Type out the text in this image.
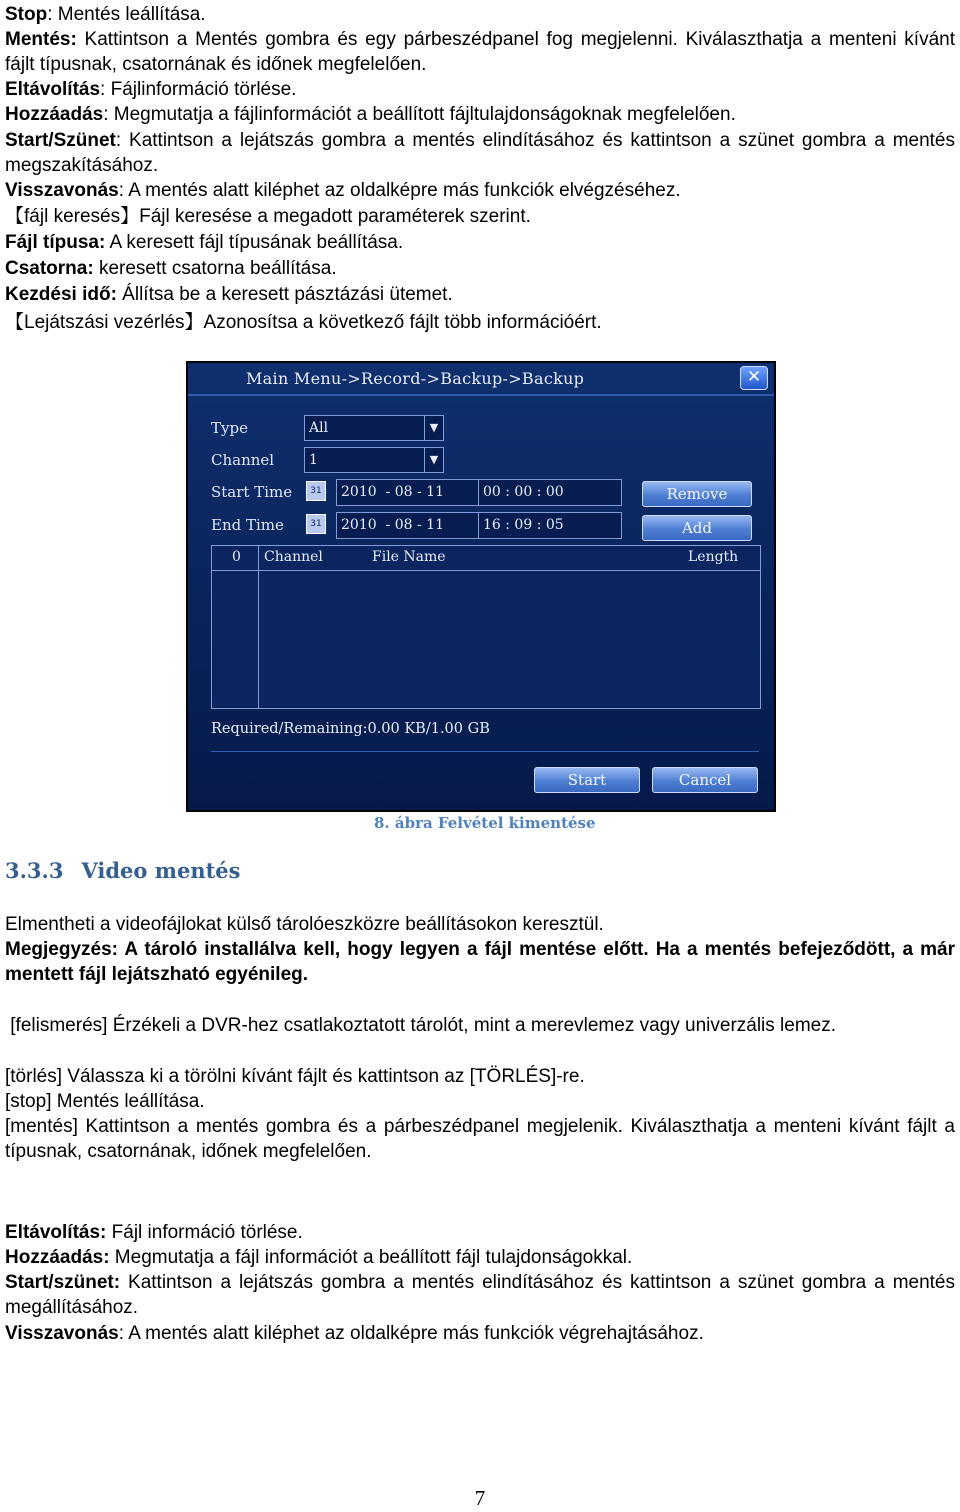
Stop: Mentés leállítása.

Mentés: Kattintson a Mentés gombra és egy párbeszédpanel fog megjelenni. Kiválaszthatja a menteni kívánt fájlt típusnak, csatornának és időnek megfelelően.

Eltávolítás: Fájlinformáció törlése.

Hozzáadás: Megmutatja a fájlinformációt a beállított fájltulajdonságoknak megfelelően.

Start/Szünet: Kattintson a lejátszás gombra a mentés elindításához és kattintson a szünet gombra a mentés megszakításához.

Visszavonás: A mentés alatt kiléphet az oldalképre más funkciók elvégzéséhez.

【fájl keresés】Fájl keresése a megadott paraméterek szerint.

Fájl típusa: A keresett fájl típusának beállítása.

Csatorna: keresett csatorna beállítása.

Kezdési idő: Állítsa be a keresett pásztázási ütemet.

【Lejátszási vezérlés】Azonosítsa a következő fájlt több információért.

Main Menu->Record->Backup->Backup	✕
Type	All	▼
Channel	1	▼
Start Time	31	2010  - 08 - 11	00 : 00 : 00	Remove
End Time	31	2010  - 08 - 11	16 : 09 : 05	Add
0 Channel	File Name	Length
Required/Remaining:0.00 KB/1.00 GB
Start	Cancel
8. ábra Felvétel kimentése
3.3.3 Video mentés

Elmentheti a videofájlokat külső tárolóeszközre beállításokon keresztül.

Megjegyzés: A tároló installálva kell, hogy legyen a fájl mentése előtt. Ha a mentés befejeződött, a már mentett fájl lejátszható egyénileg.

[felismerés] Érzékeli a DVR-hez csatlakoztatott tárolót, mint a merevlemez vagy univerzális lemez.

[törlés] Válassza ki a törölni kívánt fájlt és kattintson az [TÖRLÉS]-re.

[stop] Mentés leállítása.

[mentés] Kattintson a mentés gombra és a párbeszédpanel megjelenik. Kiválaszthatja a menteni kívánt fájlt a típusnak, csatornának, időnek megfelelően.

Eltávolítás: Fájl információ törlése.

Hozzáadás: Megmutatja a fájl információt a beállított fájl tulajdonságokkal.

Start/szünet: Kattintson a lejátszás gombra a mentés elindításához és kattintson a szünet gombra a mentés megállításához.

Visszavonás: A mentés alatt kiléphet az oldalképre más funkciók végrehajtásához.

7
